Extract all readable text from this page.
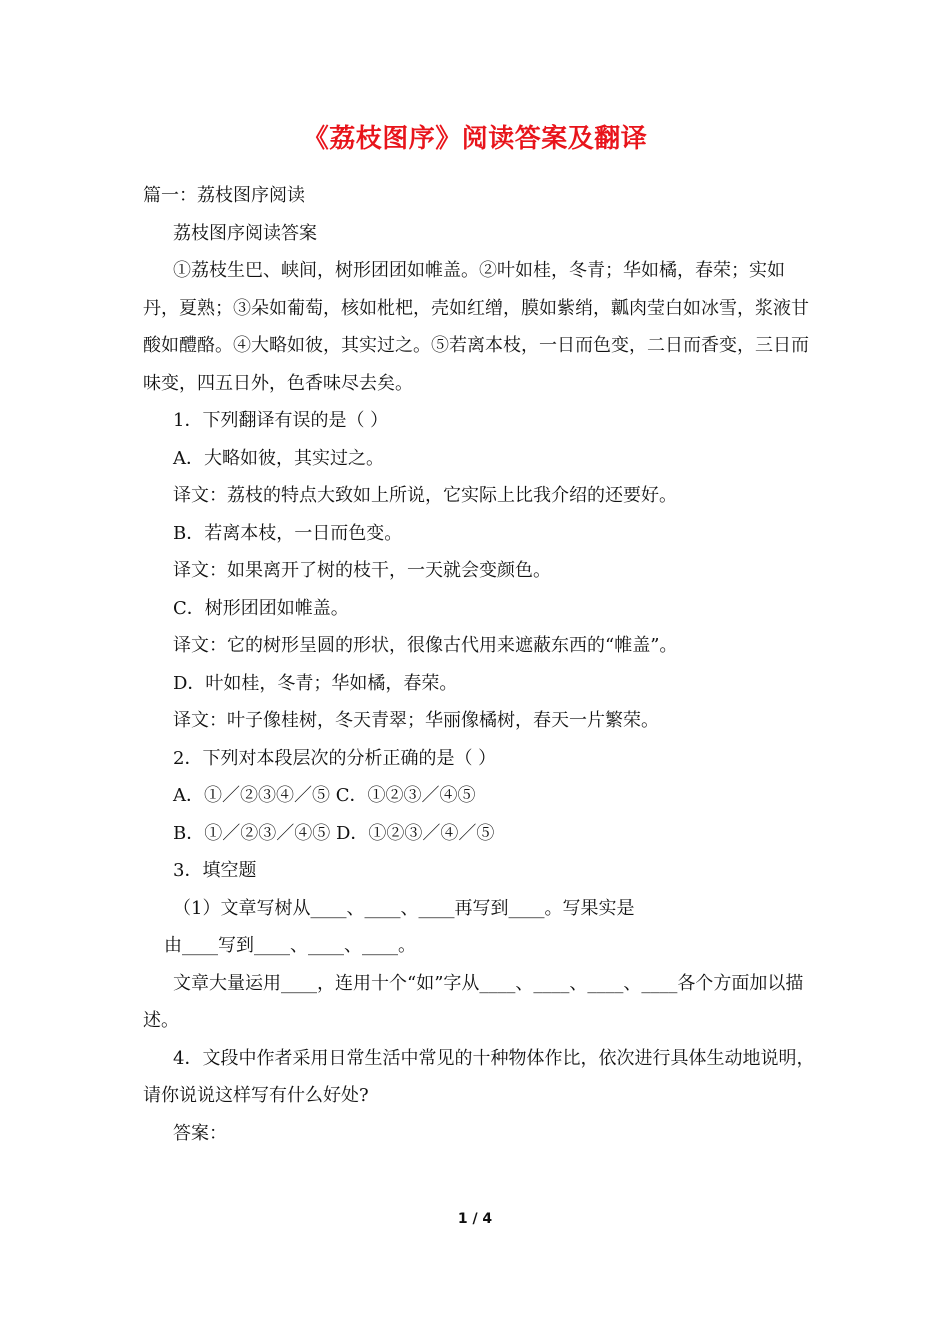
《荔枝图序》阅读答案及翻译

篇一：荔枝图序阅读

荔枝图序阅读答案

①荔枝生巴、峡间，树形团团如帷盖。②叶如桂，冬青；华如橘，春荣；实如丹，夏熟；③朵如葡萄，核如枇杷，壳如红缯，膜如紫绡，瓤肉莹白如冰雪，浆液甘酸如醴酪。④大略如彼，其实过之。⑤若离本枝，一日而色变，二日而香变，三日而味变，四五日外，色香味尽去矣。

1．下列翻译有误的是（ ）

A．大略如彼，其实过之。

译文：荔枝的特点大致如上所说，它实际上比我介绍的还要好。

B．若离本枝，一日而色变。

译文：如果离开了树的枝干，一天就会变颜色。

C．树形团团如帷盖。

译文：它的树形呈圆的形状，很像古代用来遮蔽东西的“帷盖”。

D．叶如桂，冬青；华如橘，春荣。

译文：叶子像桂树，冬天青翠；华丽像橘树，春天一片繁荣。

2．下列对本段层次的分析正确的是（ ）

A．①／②③④／⑤ C．①②③／④⑤

B．①／②③／④⑤ D．①②③／④／⑤

3．填空题

（1）文章写树从____、____、____再写到____。写果实是

由____写到____、____、____。

文章大量运用____，连用十个“如”字从____、____、____、____各个方面加以描述。

4．文段中作者采用日常生活中常见的十种物体作比，依次进行具体生动地说明，请你说说这样写有什么好处?

答案：

1 / 4
